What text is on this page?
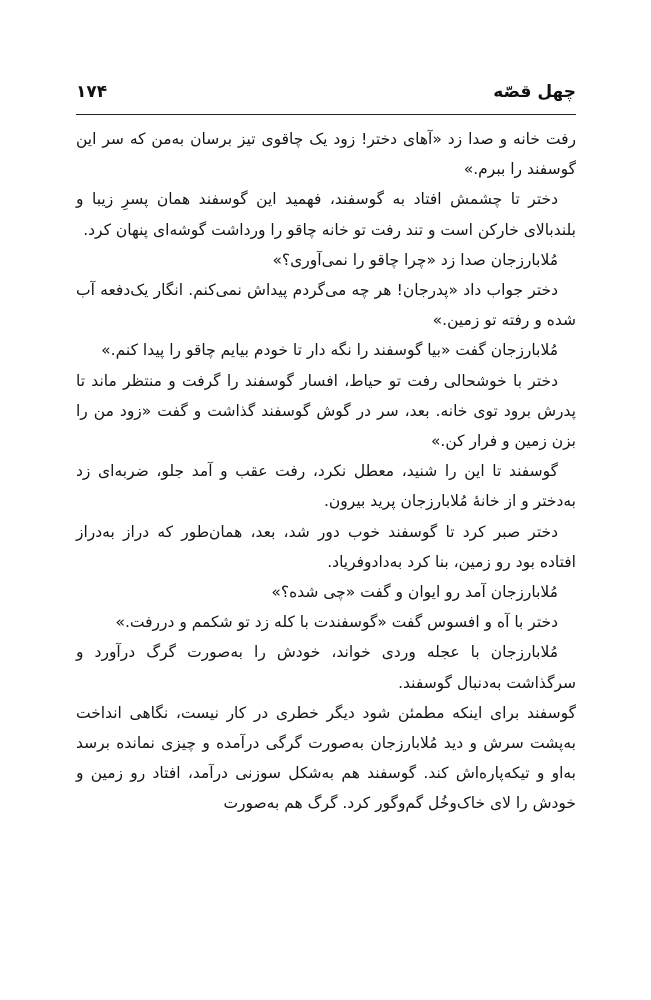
چهل قصّه
۱۷۴

رفت خانه و صدا زد «آهای دختر! زود یک چاقوی تیز برسان به‌من که سر این گوسفند را ببرم.»

دختر تا چشمش افتاد به گوسفند، فهمید این گوسفند همان پسرِ زیبا و بلندبالای خارکن است و تند رفت تو خانه چاقو را ورداشت گوشه‌ای پنهان کرد.

مُلابارزجان صدا زد «چرا چاقو را نمی‌آوری؟»

دختر جواب داد «پدرجان! هر چه می‌گردم پیداش نمی‌کنم. انگار یک‌دفعه آب شده و رفته تو زمین.»

مُلابارزجان گفت «بیا گوسفند را نگه دار تا خودم بیایم چاقو را پیدا کنم.»

دختر با خوشحالی رفت تو حیاط، افسار گوسفند را گرفت و منتظر ماند تا پدرش برود توی خانه. بعد، سر در گوش گوسفند گذاشت و گفت «زود من را بزن زمین و فرار کن.»

گوسفند تا این را شنید، معطل نکرد، رفت عقب و آمد جلو، ضربه‌ای زد به‌دختر و از خانهٔ مُلابارزجان پرید بیرون.

دختر صبر کرد تا گوسفند خوب دور شد، بعد، همان‌طور که دراز به‌دراز افتاده بود رو زمین، بنا کرد به‌دادوفریاد.

مُلابارزجان آمد رو ایوان و گفت «چی شده؟»

دختر با آه و افسوس گفت «گوسفندت با کله زد تو شکمم و دررفت.»

مُلابارزجان با عجله وردی خواند، خودش را به‌صورت گرگ درآورد و سرگذاشت به‌دنبال گوسفند.

گوسفند برای اینکه مطمئن شود دیگر خطری در کار نیست، نگاهی انداخت به‌پشت سرش و دید مُلابارزجان به‌صورت گرگی درآمده و چیزی نمانده برسد به‌او و تیکه‌پاره‌اش کند. گوسفند هم به‌شکل سوزنی درآمد، افتاد رو زمین و خودش را لای خاک‌وخُل گم‌وگور کرد. گرگ هم به‌صورت
